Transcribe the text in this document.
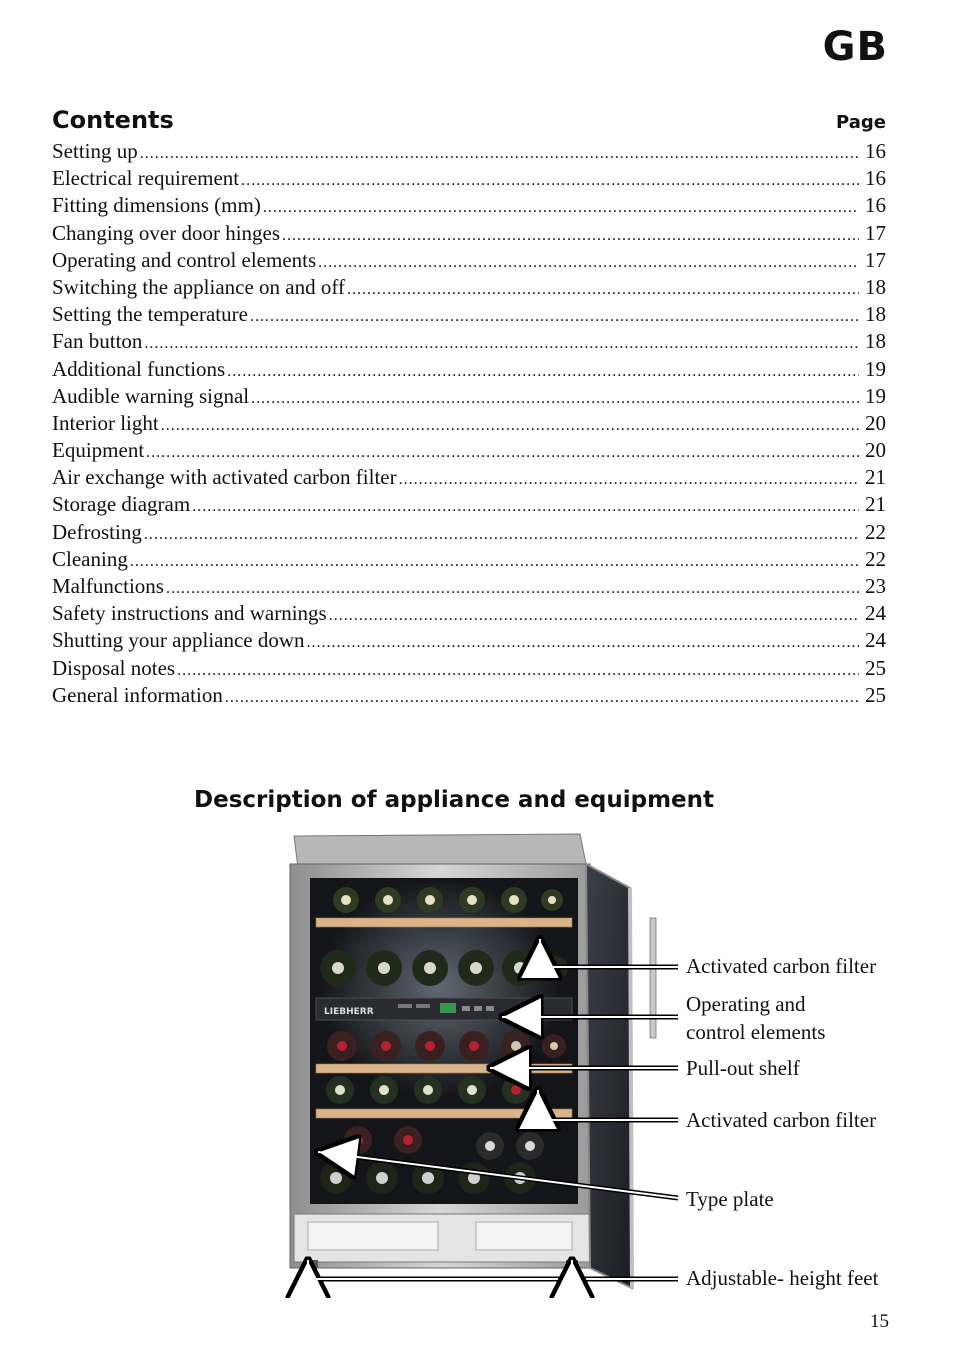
GB
Contents	Page
Setting up .....	16
Electrical requirement .....	16
Fitting dimensions (mm) .....	16
Changing over door hinges .....	17
Operating and control elements .....	17
Switching the appliance on and off .....	18
Setting the temperature .....	18
Fan button .....	18
Additional functions .....	19
Audible warning signal .....	19
Interior light .....	20
Equipment .....	20
Air exchange with activated carbon filter .....	21
Storage diagram .....	21
Defrosting .....	22
Cleaning .....	22
Malfunctions .....	23
Safety instructions and warnings .....	24
Shutting your appliance down .....	24
Disposal notes .....	25
General information .....	25
Description of appliance and equipment
LIEBHERR
Activated carbon filter
Operating and
control elements
Pull-out shelf
Activated carbon filter
Type plate
Adjustable- height feet
15
